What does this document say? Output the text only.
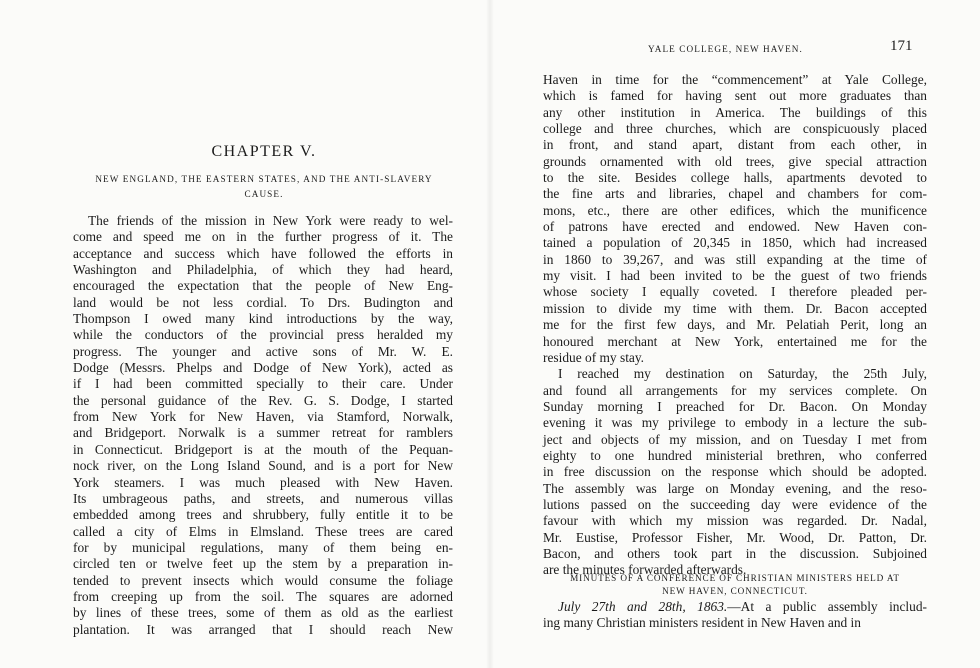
CHAPTER V.
NEW ENGLAND, THE EASTERN STATES, AND THE ANTI-SLAVERY
CAUSE.
The friends of the mission in New York were ready to wel-
come and speed me on in the further progress of it. The
acceptance and success which have followed the efforts in
Washington and Philadelphia, of which they had heard,
encouraged the expectation that the people of New Eng-
land would be not less cordial. To Drs. Budington and
Thompson I owed many kind introductions by the way,
while the conductors of the provincial press heralded my
progress. The younger and active sons of Mr. W. E.
Dodge (Messrs. Phelps and Dodge of New York), acted as
if I had been committed specially to their care. Under
the personal guidance of the Rev. G. S. Dodge, I started
from New York for New Haven, via Stamford, Norwalk,
and Bridgeport. Norwalk is a summer retreat for ramblers
in Connecticut. Bridgeport is at the mouth of the Pequan-
nock river, on the Long Island Sound, and is a port for New
York steamers. I was much pleased with New Haven.
Its umbrageous paths, and streets, and numerous villas
embedded among trees and shrubbery, fully entitle it to be
called a city of Elms in Elmsland. These trees are cared
for by municipal regulations, many of them being en-
circled ten or twelve feet up the stem by a preparation in-
tended to prevent insects which would consume the foliage
from creeping up from the soil. The squares are adorned
by lines of these trees, some of them as old as the earliest
plantation. It was arranged that I should reach New
YALE COLLEGE, NEW HAVEN.	171
Haven in time for the “commencement” at Yale College,
which is famed for having sent out more graduates than
any other institution in America. The buildings of this
college and three churches, which are conspicuously placed
in front, and stand apart, distant from each other, in
grounds ornamented with old trees, give special attraction
to the site. Besides college halls, apartments devoted to
the fine arts and libraries, chapel and chambers for com-
mons, etc., there are other edifices, which the munificence
of patrons have erected and endowed. New Haven con-
tained a population of 20,345 in 1850, which had increased
in 1860 to 39,267, and was still expanding at the time of
my visit. I had been invited to be the guest of two friends
whose society I equally coveted. I therefore pleaded per-
mission to divide my time with them. Dr. Bacon accepted
me for the first few days, and Mr. Pelatiah Perit, long an
honoured merchant at New York, entertained me for the
residue of my stay.
I reached my destination on Saturday, the 25th July,
and found all arrangements for my services complete. On
Sunday morning I preached for Dr. Bacon. On Monday
evening it was my privilege to embody in a lecture the sub-
ject and objects of my mission, and on Tuesday I met from
eighty to one hundred ministerial brethren, who conferred
in free discussion on the response which should be adopted.
The assembly was large on Monday evening, and the reso-
lutions passed on the succeeding day were evidence of the
favour with which my mission was regarded. Dr. Nadal,
Mr. Eustise, Professor Fisher, Mr. Wood, Dr. Patton, Dr.
Bacon, and others took part in the discussion. Subjoined
are the minutes forwarded afterwards.
MINUTES OF A CONFERENCE OF CHRISTIAN MINISTERS HELD AT
NEW HAVEN, CONNECTICUT.
July 27th and 28th, 1863.—At a public assembly includ-
ing many Christian ministers resident in New Haven and in
